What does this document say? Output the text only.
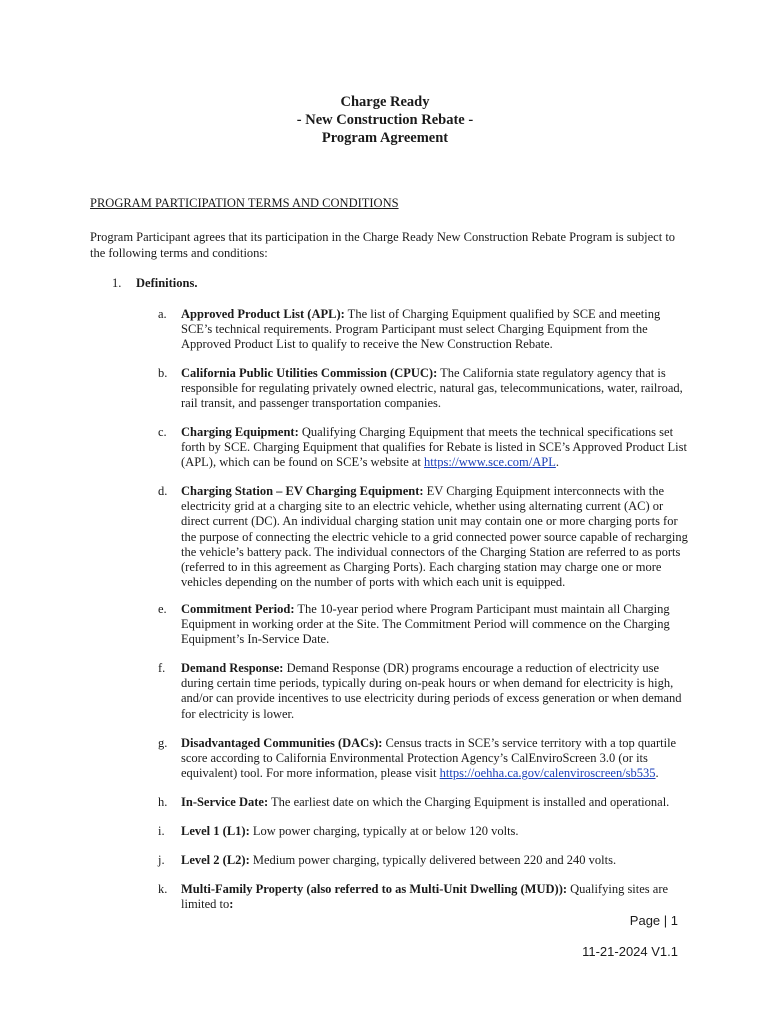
Charge Ready
- New Construction Rebate -
Program Agreement
PROGRAM PARTICIPATION TERMS AND CONDITIONS
Program Participant agrees that its participation in the Charge Ready New Construction Rebate Program is subject to the following terms and conditions:
1. Definitions.
a.	Approved Product List (APL): The list of Charging Equipment qualified by SCE and meeting SCE’s technical requirements. Program Participant must select Charging Equipment from the Approved Product List to qualify to receive the New Construction Rebate.
b.	California Public Utilities Commission (CPUC): The California state regulatory agency that is responsible for regulating privately owned electric, natural gas, telecommunications, water, railroad, rail transit, and passenger transportation companies.
c.	Charging Equipment: Qualifying Charging Equipment that meets the technical specifications set forth by SCE. Charging Equipment that qualifies for Rebate is listed in SCE’s Approved Product List (APL), which can be found on SCE’s website at https://www.sce.com/APL.
d.	Charging Station – EV Charging Equipment: EV Charging Equipment interconnects with the electricity grid at a charging site to an electric vehicle, whether using alternating current (AC) or direct current (DC). An individual charging station unit may contain one or more charging ports for the purpose of connecting the electric vehicle to a grid connected power source capable of recharging the vehicle’s battery pack. The individual connectors of the Charging Station are referred to as ports (referred to in this agreement as Charging Ports). Each charging station may charge one or more vehicles depending on the number of ports with which each unit is equipped.
e.	Commitment Period: The 10-year period where Program Participant must maintain all Charging Equipment in working order at the Site. The Commitment Period will commence on the Charging Equipment’s In-Service Date.
f.	Demand Response: Demand Response (DR) programs encourage a reduction of electricity use during certain time periods, typically during on-peak hours or when demand for electricity is high, and/or can provide incentives to use electricity during periods of excess generation or when demand for electricity is lower.
g.	Disadvantaged Communities (DACs): Census tracts in SCE’s service territory with a top quartile score according to California Environmental Protection Agency’s CalEnviroScreen 3.0 (or its equivalent) tool. For more information, please visit https://oehha.ca.gov/calenviroscreen/sb535.
h.	In-Service Date: The earliest date on which the Charging Equipment is installed and operational.
i.	Level 1 (L1): Low power charging, typically at or below 120 volts.
j.	Level 2 (L2): Medium power charging, typically delivered between 220 and 240 volts.
k.	Multi-Family Property (also referred to as Multi-Unit Dwelling (MUD)): Qualifying sites are limited to:
Page | 1
11-21-2024 V1.1
